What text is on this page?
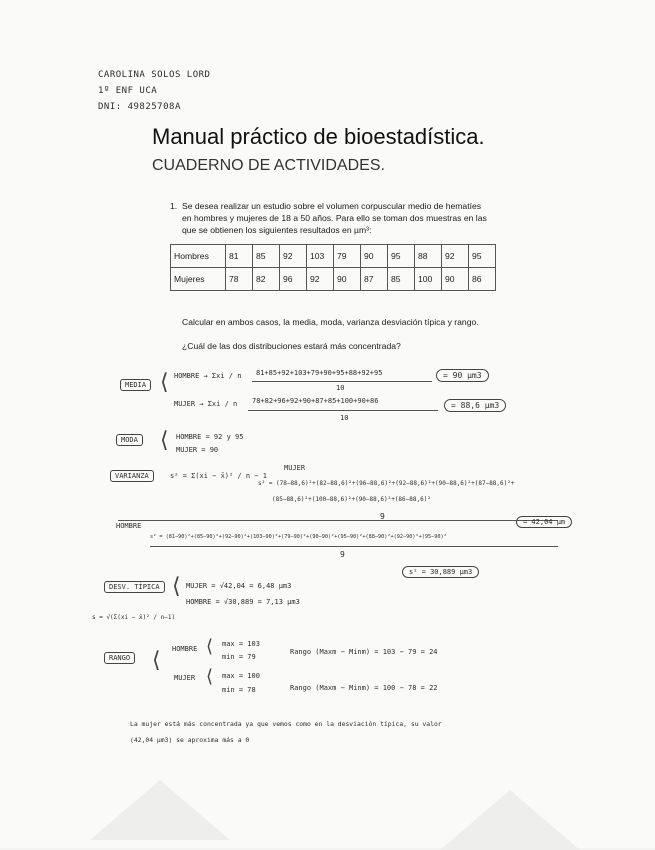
CAROLINA SOLOS LORD
1º ENF UCA
DNI: 49825708A
Manual práctico de bioestadística.
CUADERNO DE ACTIVIDADES.
1. Se desea realizar un estudio sobre el volumen corpuscular medio de hematíes
en hombres y mujeres de 18 a 50 años. Para ello se toman dos muestras en las
que se obtienen los siguientes resultados en µm³:
Hombres	81	85	92	103	79	90	95	88	92	95
Mujeres	78	82	96	92	90	87	85	100	90	86
Calcular en ambos casos, la media, moda, varianza desviación típica y rango.
¿Cuál de las dos distribuciones estará más concentrada?
MEDIA ⟨ HOMBRE → Σxi / n 81+85+92+103+79+90+95+88+92+95
10
= 90 µm3
MUJER → Σxi / n 78+82+96+92+90+87+85+100+90+86
10
= 88,6 µm3
MODA ⟨ HOMBRE = 92 y 95
MUJER = 90
VARIANZA	s² = Σ(xi − x̄)² / n − 1
MUJER
s² = (78−88,6)²+(82−88,6)²+(96−88,6)²+(92−88,6)²+(90−88,6)²+(87−88,6)²+
(85−88,6)²+(100−88,6)²+(90−88,6)²+(86−88,6)²
9
= 42,04 µm
HOMBRE
s² = (81−90)²+(85−90)²+(92−90)²+(103−90)²+(79−90)²+(90−90)²+(95−90)²+(88−90)²+(92−90)²+(95−90)²
9
s² = 30,889 µm3
DESV. TÍPICA ⟨ MUJER = √42,04 = 6,48 µm3
HOMBRE = √30,889 = 7,13 µm3
s = √(Σ(xi − x̄)² / n−1)
RANGO ⟨ HOMBRE ⟨ max = 103
min = 79
Rango (Maxm − Minm) = 103 − 79 = 24
MUJER ⟨ max = 100
min = 78	Rango (Maxm − Minm) = 100 − 78 = 22
La mujer está más concentrada ya que vemos como en la desviación típica, su valor
(42,04 µm3) se aproxima más a 0
